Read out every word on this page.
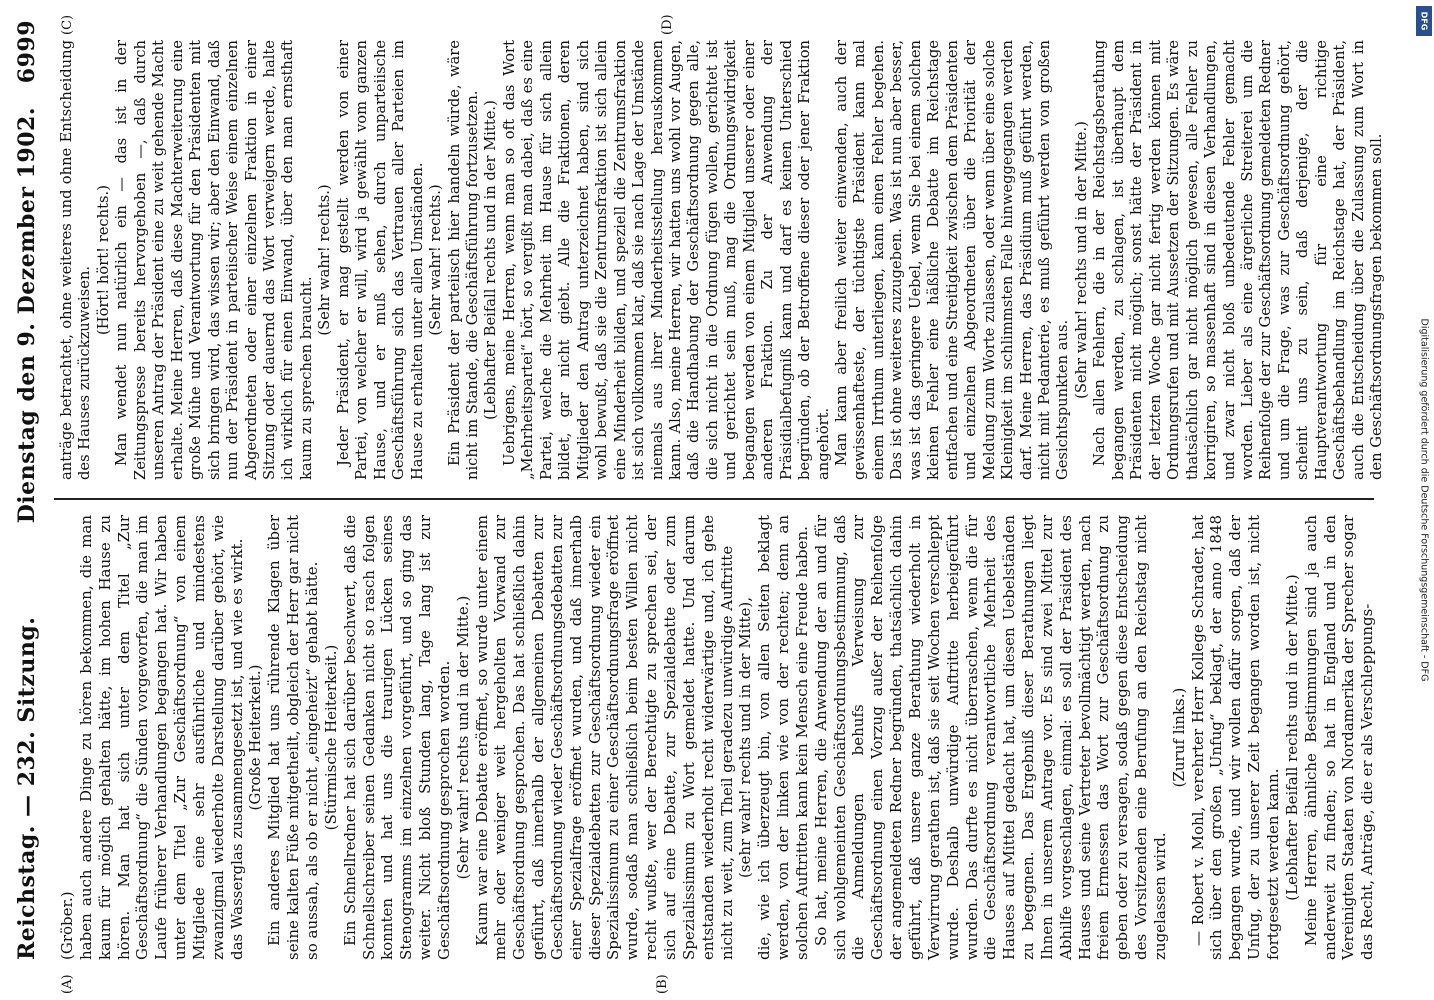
Reichstag. — 232. Sitzung.
Dienstag den 9. Dezember 1902.
6999
(A)	(B)
(C)	(D)

(Gröber.) haben auch andere Dinge zu hören bekommen, die man kaum für möglich gehalten hätte, im hohen Hause zu hören. Man hat sich unter dem Titel „Zur Geschäftsordnung“ die Sünden vorgeworfen, die man im Laufe früherer Verhandlungen begangen hat. Wir haben unter dem Titel „Zur Geschäftsordnung“ von einem Mitgliede eine sehr ausführliche und mindestens zwanzigmal wiederholte Darstellung darüber gehört, wie das Wasserglas zusammengesetzt ist, und wie es wirkt. (Große Heiterkeit.) Ein anderes Mitglied hat uns rührende Klagen über seine kalten Füße mitgetheilt, obgleich der Herr gar nicht so aussah, als ob er nicht „eingeheizt“ gehabt hätte. (Stürmische Heiterkeit.) Ein Schnellredner hat sich darüber beschwert, daß die Schnellschreiber seinen Gedanken nicht so rasch folgen konnten und hat uns die traurigen Lücken seines Stenogramms im einzelnen vorgeführt, und so ging das weiter. Nicht bloß Stunden lang, Tage lang ist zur Geschäftsordnung gesprochen worden. (Sehr wahr! rechts und in der Mitte.) Kaum war eine Debatte eröffnet, so wurde unter einem mehr oder weniger weit hergeholten Vorwand zur Geschäftsordnung gesprochen. Das hat schließlich dahin geführt, daß innerhalb der allgemeinen Debatten zur Geschäftsordnung wieder Geschäftsordnungsdebatten zur einer Spezialfrage eröffnet wurden, und daß innerhalb dieser Spezialdebatten zur Geschäftsordnung wieder ein Spezialissimum zu einer Geschäftsordnungsfrage eröffnet wurde, sodaß man schließlich beim besten Willen nicht recht wußte, wer der Berechtigte zu sprechen sei, der sich auf eine Debatte, zur Spezialdebatte oder zum Spezialissimum zu Wort gemeldet hatte. Und darum entstanden wiederholt recht widerwärtige und, ich gehe nicht zu weit, zum Theil geradezu unwürdige Auftritte (sehr wahr! rechts und in der Mitte), die, wie ich überzeugt bin, von allen Seiten beklagt werden, von der linken wie von der rechten; denn an solchen Auftritten kann kein Mensch eine Freude haben. So hat, meine Herren, die Anwendung der an und für sich wohlgemeinten Geschäftsordnungsbestimmung, daß die Anmeldungen behufs Verweisung zur Geschäftsordnung einen Vorzug außer der Reihenfolge der angemeldeten Redner begründen, thatsächlich dahin geführt, daß unsere ganze Berathung wiederholt in Verwirrung gerathen ist, daß sie seit Wochen verschleppt wurde. Deshalb unwürdige Auftritte herbeigeführt wurden. Das durfte es nicht überraschen, wenn die für die Geschäftsordnung verantwortliche Mehrheit des Hauses auf Mittel gedacht hat, um diesen Uebelständen zu begegnen. Das Ergebniß dieser Berathungen liegt Ihnen in unserem Antrage vor. Es sind zwei Mittel zur Abhilfe vorgeschlagen, einmal: es soll der Präsident des Hauses und seine Vertreter bevollmächtigt werden, nach freiem Ermessen das Wort zur Geschäftsordnung zu geben oder zu versagen, sodaß gegen diese Entscheidung des Vorsitzenden eine Berufung an den Reichstag nicht zugelassen wird.

(Zuruf links.) — Robert v. Mohl, verehrter Herr Kollege Schrader, hat sich über den großen „Unfug“ beklagt, der anno 1848 begangen wurde, und wir wollen dafür sorgen, daß der Unfug, der zu unserer Zeit begangen worden ist, nicht fortgesetzt werden kann. (Lebhafter Beifall rechts und in der Mitte.) Meine Herren, ähnliche Bestimmungen sind ja auch anderweit zu finden; so hat in England und in den Vereinigten Staaten von Nordamerika der Sprecher sogar das Recht, Anträge, die er als Verschleppungs-

anträge betrachtet, ohne weiteres und ohne Entscheidung des Hauses zurückzuweisen.

(Hört! hört! rechts.) Man wendet nun natürlich ein — das ist in der Zeitungspresse bereits hervorgehoben —, daß durch unseren Antrag der Präsident eine zu weit gehende Macht erhalte. Meine Herren, daß diese Machterweiterung eine große Mühe und Verantwortung für den Präsidenten mit sich bringen wird, das wissen wir; aber den Einwand, daß nun der Präsident in parteiischer Weise einem einzelnen Abgeordneten oder einer einzelnen Fraktion in einer Sitzung oder dauernd das Wort verweigern werde, halte ich wirklich für einen Einwand, über den man ernsthaft kaum zu sprechen braucht.

(Sehr wahr! rechts.) Jeder Präsident, er mag gestellt werden von einer Partei, von welcher er will, wird ja gewählt vom ganzen Hause, und er muß sehen, durch unparteiische Geschäftsführung sich das Vertrauen aller Parteien im Hause zu erhalten unter allen Umständen. (Sehr wahr! rechts.) Ein Präsident der parteiisch hier handeln würde, wäre nicht im Stande, die Geschäftsführung fortzusetzen. (Lebhafter Beifall rechts und in der Mitte.) Uebrigens, meine Herren, wenn man so oft das Wort „Mehrheitspartei“ hört, so vergißt man dabei, daß es eine Partei, welche die Mehrheit im Hause für sich allein bildet, gar nicht giebt. Alle die Fraktionen, deren Mitglieder den Antrag unterzeichnet haben, sind sich wohl bewußt, daß sie die Zentrumsfraktion ist sich allein eine Minderheit bilden, und speziell die Zentrumsfraktion ist sich vollkommen klar, daß sie nach Lage der Umstände niemals aus ihrer Minderheitsstellung herauskommen kann. Also, meine Herren, wir hatten uns wohl vor Augen, daß die Handhabung der Geschäftsordnung gegen alle, die sich nicht in die Ordnung fügen wollen, gerichtet ist und gerichtet sein muß, mag die Ordnungswidrigkeit begangen werden von einem Mitglied unserer oder einer anderen Fraktion. Zu der Anwendung der Präsidialbefugniß kann und darf es keinen Unterschied begründen, ob der Betroffene dieser oder jener Fraktion angehört. Man kann aber freilich weiter einwenden, auch der gewissenhafteste, der tüchtigste Präsident kann mal einem Irrthum unterliegen, kann einen Fehler begehen. Das ist ohne weiteres zuzugeben. Was ist nun aber besser, was ist das geringere Uebel, wenn Sie bei einem solchen kleinen Fehler eine häßliche Debatte im Reichstage entfachen und eine Streitigkeit zwischen dem Präsidenten und einzelnen Abgeordneten über die Priorität der Meldung zum Worte zulassen, oder wenn über eine solche Kleinigkeit im schlimmsten Falle hinweggegangen werden darf. Meine Herren, das Präsidium muß geführt werden, nicht mit Pedanterie, es muß geführt werden von großen Gesichtspunkten aus.

(Sehr wahr! rechts und in der Mitte.) Nach allen Fehlern, die in der Reichstagsberathung begangen werden, zu schlagen, ist überhaupt dem Präsidenten nicht möglich; sonst hätte der Präsident in der letzten Woche gar nicht fertig werden können mit Ordnungsrufen und mit Aussetzen der Sitzungen. Es wäre thatsächlich gar nicht möglich gewesen, alle Fehler zu korrigiren, so massenhaft sind in diesen Verhandlungen, und zwar nicht bloß unbedeutende Fehler gemacht worden. Lieber als eine ärgerliche Streiterei um die Reihenfolge der zur Geschäftsordnung gemeldeten Redner und um die Frage, was zur Geschäftsordnung gehört, scheint uns zu sein, daß derjenige, der die Hauptverantwortung für eine richtige Geschäftsbehandlung im Reichstage hat, der Präsident, auch die Entscheidung über die Zulassung zum Wort in den Geschäftsordnungsfragen bekommen soll.

DFG
Digitalisierung gefördert durch die Deutsche Forschungsgemeinschaft - DFG
